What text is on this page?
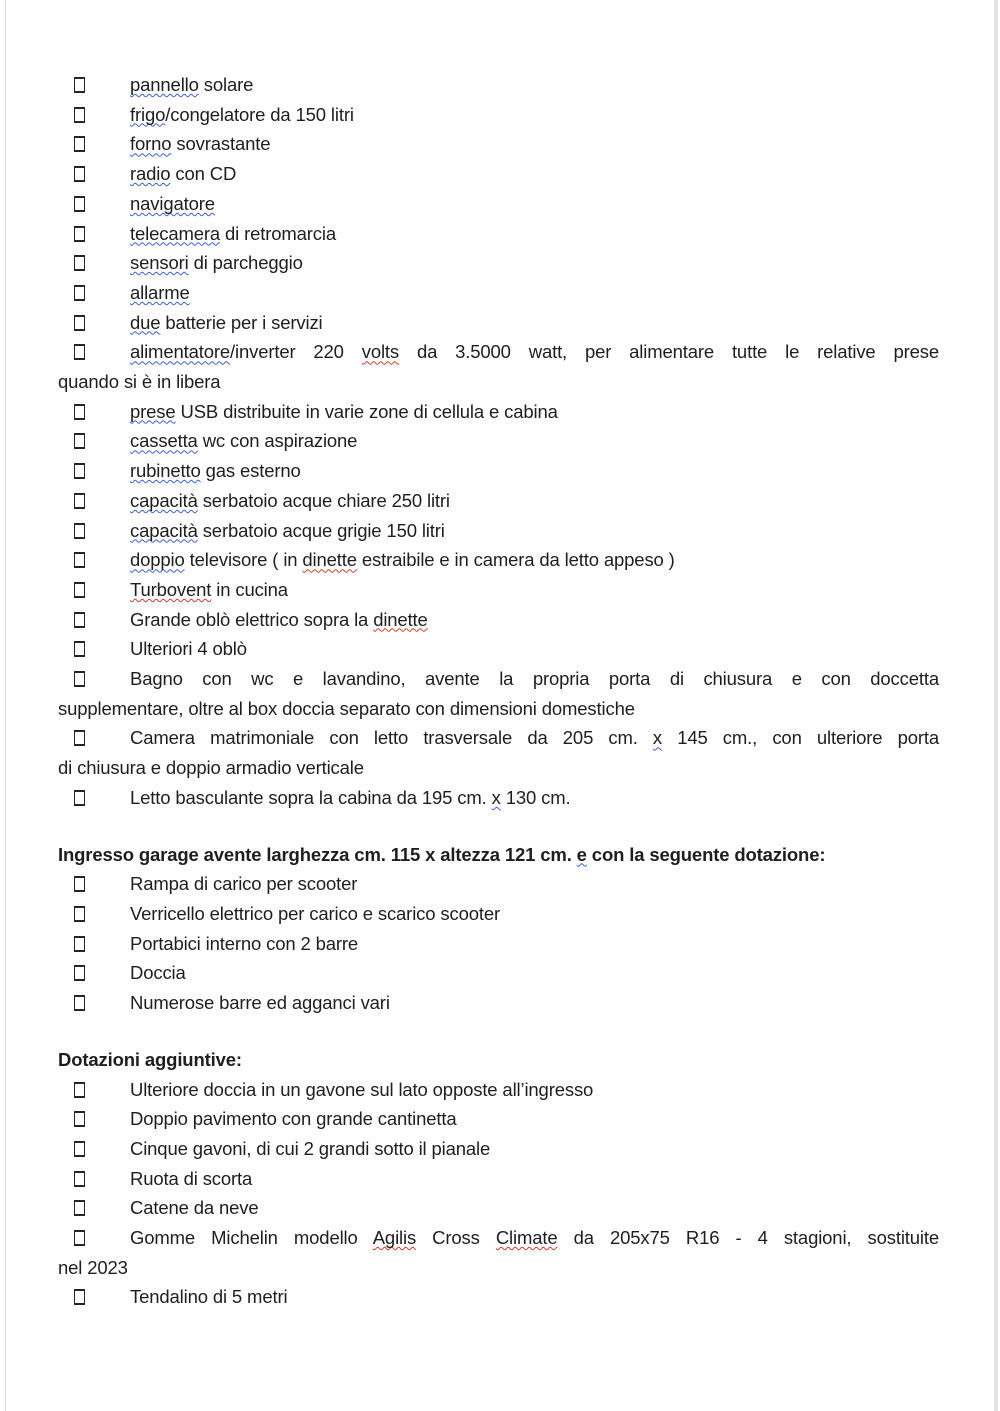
pannello solare
frigo/congelatore da 150 litri
forno sovrastante
radio con CD
navigatore
telecamera di retromarcia
sensori di parcheggio
allarme
due batterie per i servizi
alimentatore/inverter 220 volts da 3.5000 watt, per alimentare tutte le relative prese
quando si è in libera
prese USB distribuite in varie zone di cellula e cabina
cassetta wc con aspirazione
rubinetto gas esterno
capacità serbatoio acque chiare 250 litri
capacità serbatoio acque grigie 150 litri
doppio televisore ( in dinette estraibile e in camera da letto appeso )
Turbovent in cucina
Grande oblò elettrico sopra la dinette
Ulteriori 4 oblò
Bagno con wc e lavandino, avente la propria porta di chiusura e con doccetta
supplementare, oltre al box doccia separato con dimensioni domestiche
Camera matrimoniale con letto trasversale da 205 cm. x 145 cm., con ulteriore porta
di chiusura e doppio armadio verticale
Letto basculante sopra la cabina da 195 cm. x 130 cm.
Ingresso garage avente larghezza cm. 115 x altezza 121 cm. e con la seguente dotazione:
Rampa di carico per scooter
Verricello elettrico per carico e scarico scooter
Portabici interno con 2 barre
Doccia
Numerose barre ed agganci vari
Dotazioni aggiuntive:
Ulteriore doccia in un gavone sul lato opposte all’ingresso
Doppio pavimento con grande cantinetta
Cinque gavoni, di cui 2 grandi sotto il pianale
Ruota di scorta
Catene da neve
Gomme Michelin modello Agilis Cross Climate da 205x75 R16 - 4 stagioni, sostituite
nel 2023
Tendalino di 5 metri
